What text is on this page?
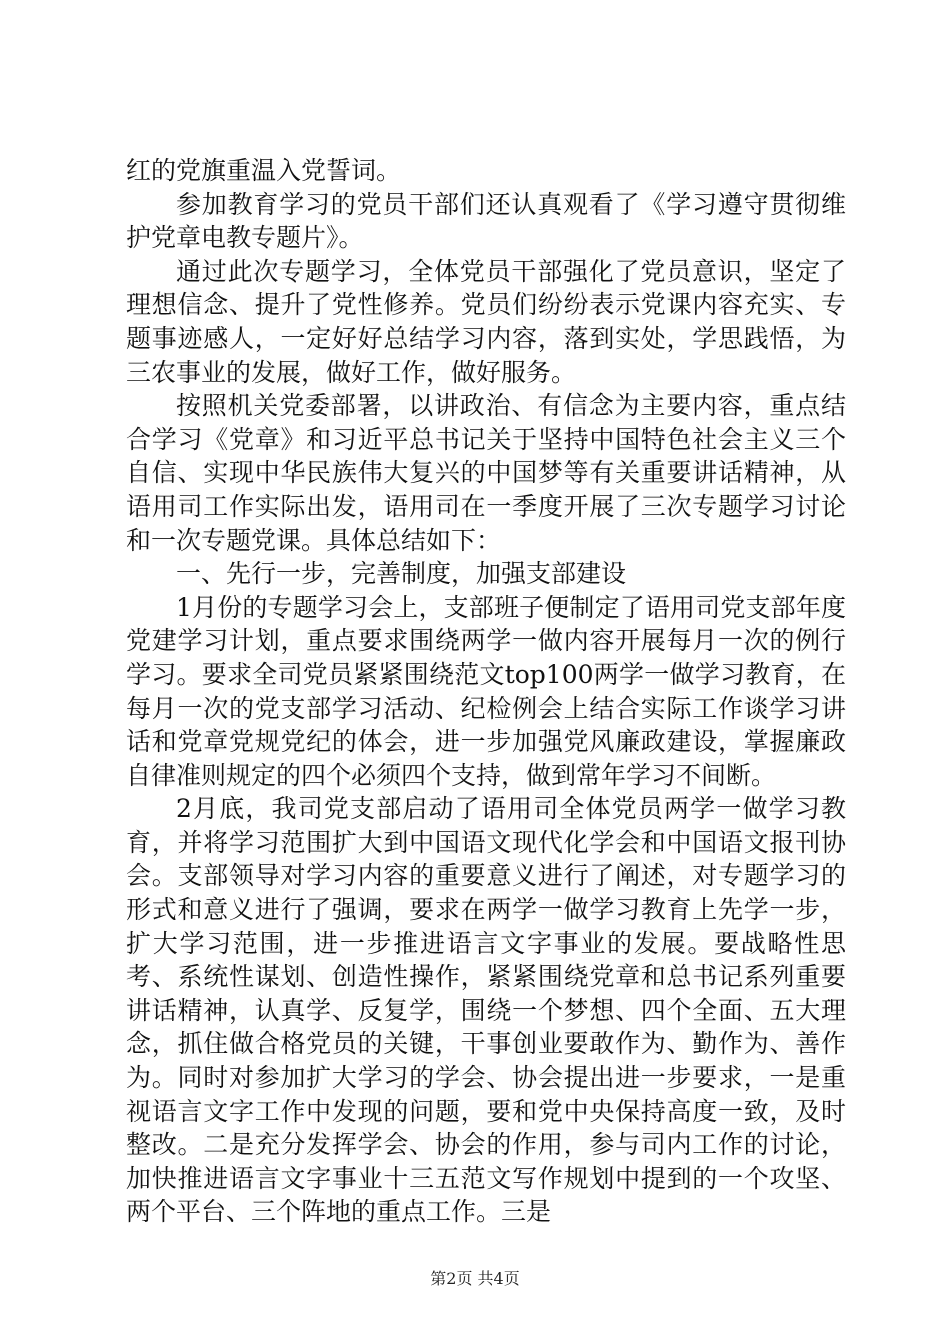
红的党旗重温入党誓词。

参加教育学习的党员干部们还认真观看了《学习遵守贯彻维护党章电教专题片》。

通过此次专题学习，全体党员干部强化了党员意识，坚定了理想信念、提升了党性修养。党员们纷纷表示党课内容充实、专题事迹感人，一定好好总结学习内容，落到实处，学思践悟，为三农事业的发展，做好工作，做好服务。

按照机关党委部署，以讲政治、有信念为主要内容，重点结合学习《党章》和习近平总书记关于坚持中国特色社会主义三个自信、实现中华民族伟大复兴的中国梦等有关重要讲话精神，从语用司工作实际出发，语用司在一季度开展了三次专题学习讨论和一次专题党课。具体总结如下：

一、先行一步，完善制度，加强支部建设

1月份的专题学习会上，支部班子便制定了语用司党支部年度党建学习计划，重点要求围绕两学一做内容开展每月一次的例行学习。要求全司党员紧紧围绕范文top100两学一做学习教育，在每月一次的党支部学习活动、纪检例会上结合实际工作谈学习讲话和党章党规党纪的体会，进一步加强党风廉政建设，掌握廉政自律准则规定的四个必须四个支持，做到常年学习不间断。

2月底，我司党支部启动了语用司全体党员两学一做学习教育，并将学习范围扩大到中国语文现代化学会和中国语文报刊协会。支部领导对学习内容的重要意义进行了阐述，对专题学习的形式和意义进行了强调，要求在两学一做学习教育上先学一步，扩大学习范围，进一步推进语言文字事业的发展。要战略性思考、系统性谋划、创造性操作，紧紧围绕党章和总书记系列重要讲话精神，认真学、反复学，围绕一个梦想、四个全面、五大理念，抓住做合格党员的关键，干事创业要敢作为、勤作为、善作为。同时对参加扩大学习的学会、协会提出进一步要求，一是重视语言文字工作中发现的问题，要和党中央保持高度一致，及时整改。二是充分发挥学会、协会的作用，参与司内工作的讨论，加快推进语言文字事业十三五范文写作规划中提到的一个攻坚、两个平台、三个阵地的重点工作。三是

第2页 共4页
